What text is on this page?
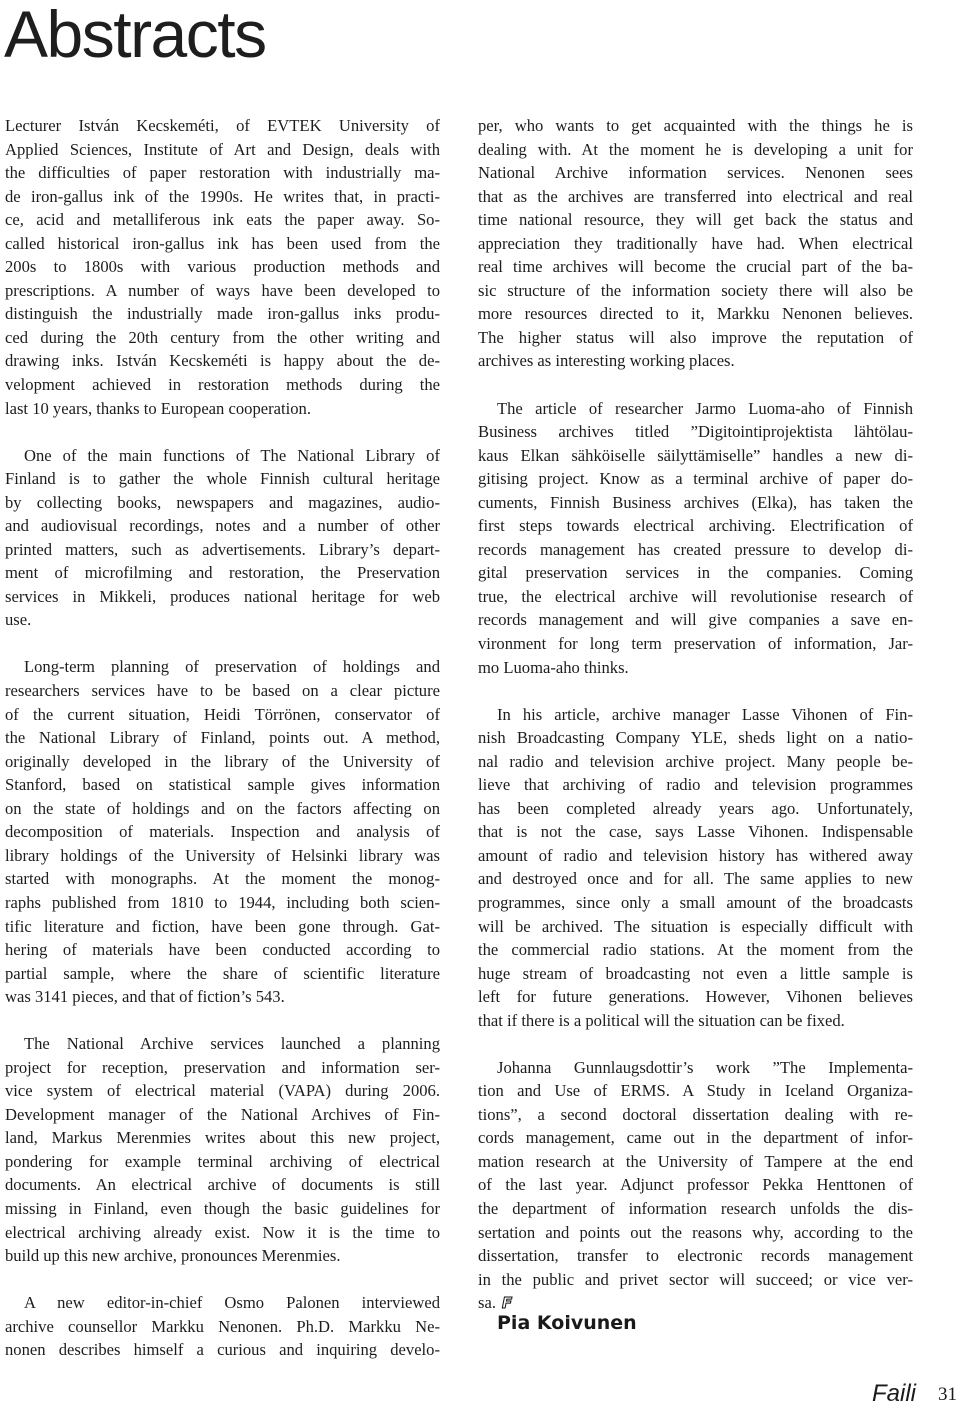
Abstracts

Lecturer István Kecskeméti, of EVTEK University of
Applied Sciences, Institute of Art and Design, deals with
the difficulties of paper restoration with industrially ma-
de iron-gallus ink of the 1990s. He writes that, in practi-
ce, acid and metalliferous ink eats the paper away. So-
called historical iron-gallus ink has been used from the
200s to 1800s with various production methods and
prescriptions. A number of ways have been developed to
distinguish the industrially made iron-gallus inks produ-
ced during the 20th century from the other writing and
drawing inks. István Kecskeméti is happy about the de-
velopment achieved in restoration methods during the
last 10 years, thanks to European cooperation.

One of the main functions of The National Library of
Finland is to gather the whole Finnish cultural heritage
by collecting books, newspapers and magazines, audio-
and audiovisual recordings, notes and a number of other
printed matters, such as advertisements. Library’s depart-
ment of microfilming and restoration, the Preservation
services in Mikkeli, produces national heritage for web
use.

Long-term planning of preservation of holdings and
researchers services have to be based on a clear picture
of the current situation, Heidi Törrönen, conservator of
the National Library of Finland, points out. A method,
originally developed in the library of the University of
Stanford, based on statistical sample gives information
on the state of holdings and on the factors affecting on
decomposition of materials. Inspection and analysis of
library holdings of the University of Helsinki library was
started with monographs. At the moment the monog-
raphs published from 1810 to 1944, including both scien-
tific literature and fiction, have been gone through. Gat-
hering of materials have been conducted according to
partial sample, where the share of scientific literature
was 3141 pieces, and that of fiction’s 543.

The National Archive services launched a planning
project for reception, preservation and information ser-
vice system of electrical material (VAPA) during 2006.
Development manager of the National Archives of Fin-
land, Markus Merenmies writes about this new project,
pondering for example terminal archiving of electrical
documents. An electrical archive of documents is still
missing in Finland, even though the basic guidelines for
electrical archiving already exist. Now it is the time to
build up this new archive, pronounces Merenmies.

A new editor-in-chief Osmo Palonen interviewed
archive counsellor Markku Nenonen. Ph.D. Markku Ne-
nonen describes himself a curious and inquiring develo-

per, who wants to get acquainted with the things he is
dealing with. At the moment he is developing a unit for
National Archive information services. Nenonen sees
that as the archives are transferred into electrical and real
time national resource, they will get back the status and
appreciation they traditionally have had. When electrical
real time archives will become the crucial part of the ba-
sic structure of the information society there will also be
more resources directed to it, Markku Nenonen believes.
The higher status will also improve the reputation of
archives as interesting working places.

The article of researcher Jarmo Luoma-aho of Finnish
Business archives titled ”Digitointiprojektista lähtölau-
kaus Elkan sähköiselle säilyttämiselle” handles a new di-
gitising project. Know as a terminal archive of paper do-
cuments, Finnish Business archives (Elka), has taken the
first steps towards electrical archiving. Electrification of
records management has created pressure to develop di-
gital preservation services in the companies. Coming
true, the electrical archive will revolutionise research of
records management and will give companies a save en-
vironment for long term preservation of information, Jar-
mo Luoma-aho thinks.

In his article, archive manager Lasse Vihonen of Fin-
nish Broadcasting Company YLE, sheds light on a natio-
nal radio and television archive project. Many people be-
lieve that archiving of radio and television programmes
has been completed already years ago. Unfortunately,
that is not the case, says Lasse Vihonen. Indispensable
amount of radio and television history has withered away
and destroyed once and for all. The same applies to new
programmes, since only a small amount of the broadcasts
will be archived. The situation is especially difficult with
the commercial radio stations. At the moment from the
huge stream of broadcasting not even a little sample is
left for future generations. However, Vihonen believes
that if there is a political will the situation can be fixed.

Johanna Gunnlaugsdottir’s work ”The Implementa-
tion and Use of ERMS. A Study in Iceland Organiza-
tions”, a second doctoral dissertation dealing with re-
cords management, came out in the department of infor-
mation research at the University of Tampere at the end
of the last year. Adjunct professor Pekka Henttonen of
the department of information research unfolds the dis-
sertation and points out the reasons why, according to the
dissertation, transfer to electronic records management
in the public and privet sector will succeed; or vice ver-
sa. F

Pia Koivunen

Faili 31
